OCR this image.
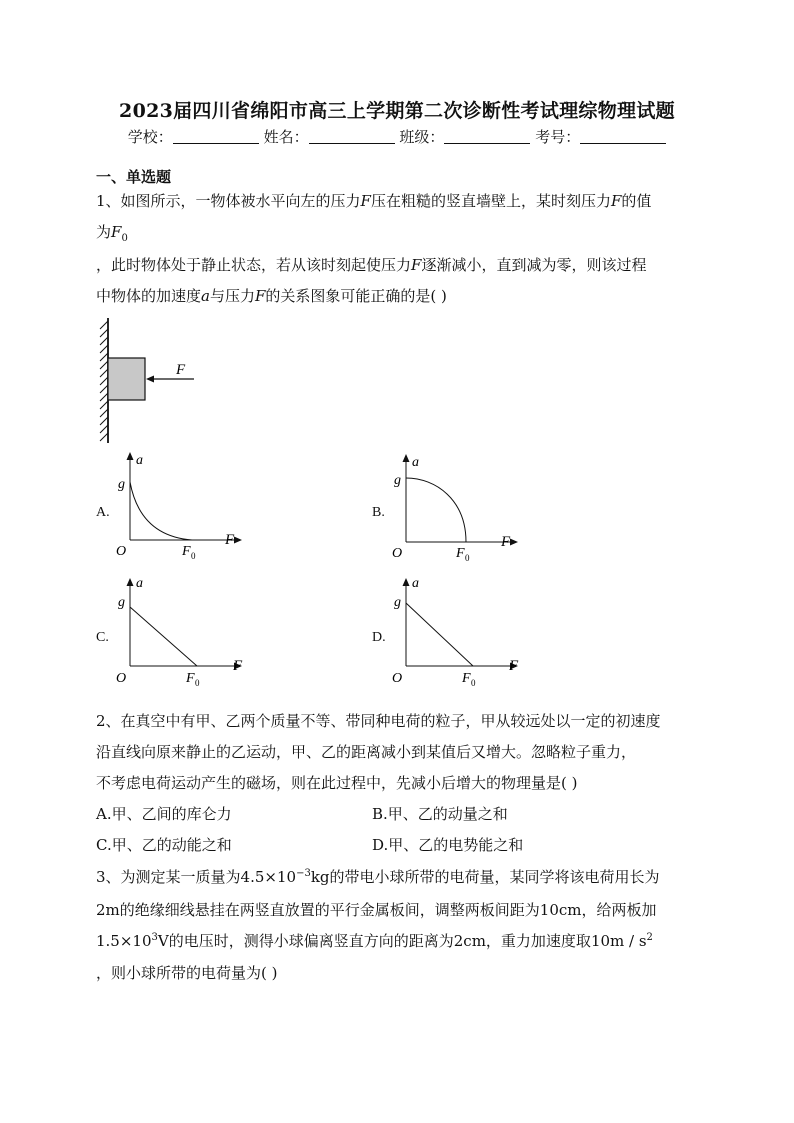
2023届四川省绵阳市高三上学期第二次诊断性考试理综物理试题
学校：	姓名：	班级：	考号：
一、单选题
1、如图所示，一物体被水平向左的压力F压在粗糙的竖直墙壁上，某时刻压力F的值
为$F_0$
，此时物体处于静止状态，若从该时刻起使压力F逐渐减小，直到减为零，则该过程
中物体的加速度a与压力F的关系图象可能正确的是( )
F
A.	B.
C.	D.
a
g
O	F 0
F
a
g
O	F 0
F
a
g
O	F 0
F
a
g
O	F 0
F
2、在真空中有甲、乙两个质量不等、带同种电荷的粒子，甲从较远处以一定的初速度
沿直线向原来静止的乙运动，甲、乙的距离减小到某值后又增大。忽略粒子重力，
不考虑电荷运动产生的磁场，则在此过程中，先减小后增大的物理量是( )
A.甲、乙间的库仑力	B.甲、乙的动量之和
C.甲、乙的动能之和	D.甲、乙的电势能之和
3、为测定某一质量为$4.5\times 10^{-3}kg$的带电小球所带的电荷量，某同学将该电荷用长为
2m的绝缘细线悬挂在两竖直放置的平行金属板间，调整两板间距为10cm，给两板加
$1.5\times 10^3V$的电压时，测得小球偏离竖直方向的距离为2cm，重力加速度取$10m / s^2$
，则小球所带的电荷量为( )
